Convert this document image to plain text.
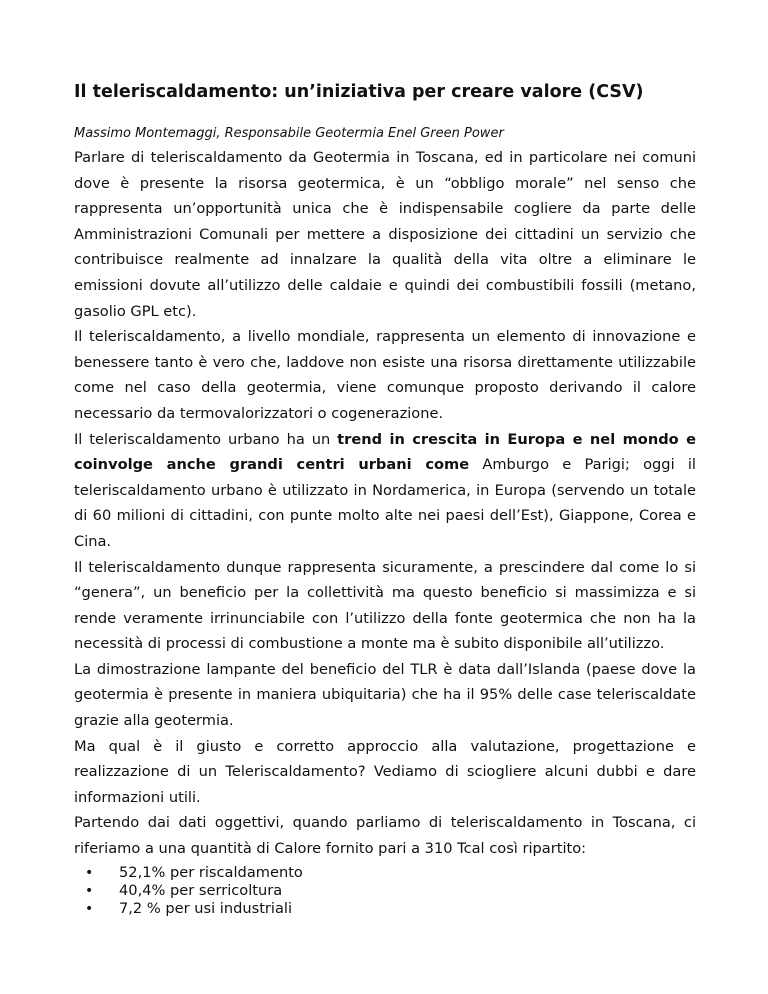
Il teleriscaldamento: un’iniziativa per creare valore (CSV)
Massimo Montemaggi, Responsabile Geotermia Enel Green Power

Parlare di teleriscaldamento da Geotermia in Toscana, ed in particolare nei comuni dove è presente la risorsa geotermica, è un “obbligo morale” nel senso che rappresenta un’opportunità unica che è indispensabile cogliere da parte delle Amministrazioni Comunali per mettere a disposizione dei cittadini un servizio che contribuisce realmente ad innalzare la qualità della vita oltre a eliminare le emissioni dovute all’utilizzo delle caldaie e quindi dei combustibili fossili (metano, gasolio GPL etc).

Il teleriscaldamento, a livello mondiale, rappresenta un elemento di innovazione e benessere tanto è vero che, laddove non esiste una risorsa direttamente utilizzabile come nel caso della geotermia, viene comunque proposto derivando il calore necessario da termovalorizzatori o cogenerazione.

Il teleriscaldamento urbano ha un trend in crescita in Europa e nel mondo e coinvolge anche grandi centri urbani come Amburgo e Parigi; oggi il teleriscaldamento urbano è utilizzato in Nordamerica, in Europa (servendo un totale di 60 milioni di cittadini, con punte molto alte nei paesi dell’Est), Giappone, Corea e Cina.

Il teleriscaldamento dunque rappresenta sicuramente, a prescindere dal come lo si “genera”, un beneficio per la collettività ma questo beneficio si massimizza e si rende veramente irrinunciabile con l’utilizzo della fonte geotermica che non ha la necessità di processi di combustione a monte ma è subito disponibile all’utilizzo.

La dimostrazione lampante del beneficio del TLR è data dall’Islanda (paese dove la geotermia è presente in maniera ubiquitaria) che ha il 95% delle case teleriscaldate grazie alla geotermia.

Ma qual è il giusto e corretto approccio alla valutazione, progettazione e realizzazione di un Teleriscaldamento? Vediamo di sciogliere alcuni dubbi e dare informazioni utili.

Partendo dai dati oggettivi, quando parliamo di teleriscaldamento in Toscana, ci riferiamo a una quantità di Calore fornito pari a 310 Tcal così ripartito:

• 52,1% per riscaldamento
• 40,4% per serricoltura
• 7,2 % per usi industriali
